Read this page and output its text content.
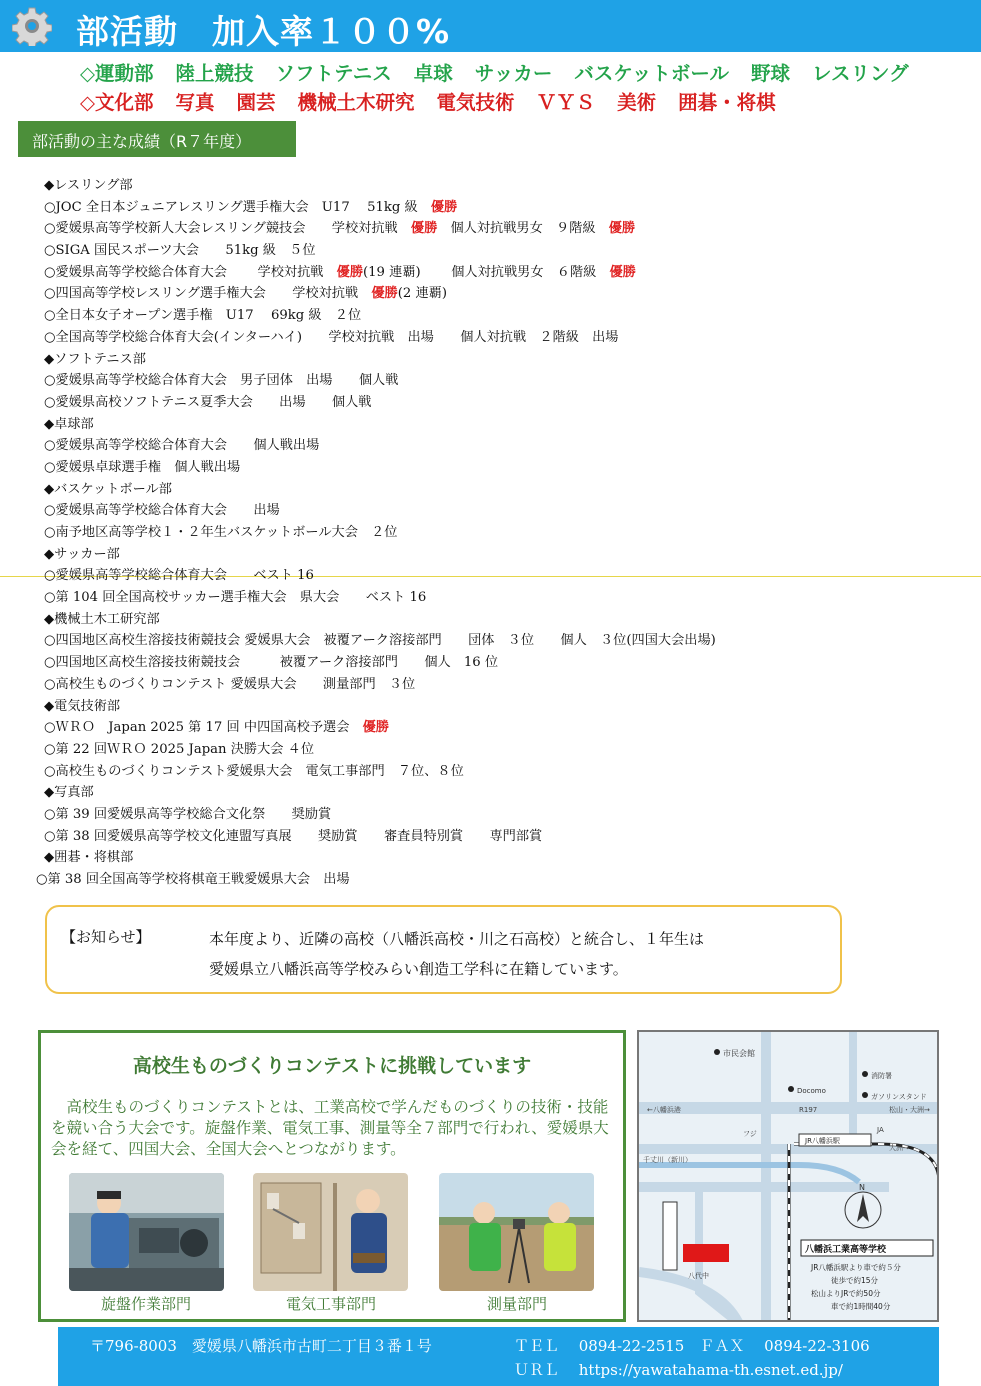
部活動　加入率１００%
◇運動部 陸上競技 ソフトテニス 卓球 サッカー バスケットボール 野球 レスリング
◇文化部 写真 園芸 機械土木研究 電気技術 ＶＹＳ 美術 囲碁・将棋
部活動の主な成績（R７年度）
◆レスリング部
○JOC 全日本ジュニアレスリング選手権大会　U17　 51kg 級　優勝
○愛媛県高等学校新人大会レスリング競技会　　学校対抗戦　優勝　個人対抗戦男女　９階級　優勝
○SIGA 国民スポーツ大会　　51kg 級　５位
○愛媛県高等学校総合体育大会　　 学校対抗戦　優勝(19 連覇)　　 個人対抗戦男女　６階級　優勝
○四国高等学校レスリング選手権大会　　学校対抗戦　優勝(2 連覇)
○全日本女子オープン選手権　U17　 69kg 級　２位
○全国高等学校総合体育大会(インターハイ)　　学校対抗戦　出場　　個人対抗戦　２階級　出場
◆ソフトテニス部
○愛媛県高等学校総合体育大会　男子団体　出場　　個人戦
○愛媛県高校ソフトテニス夏季大会　　出場　　個人戦
◆卓球部
○愛媛県高等学校総合体育大会　　個人戦出場
○愛媛県卓球選手権　個人戦出場
◆バスケットボール部
○愛媛県高等学校総合体育大会　　出場
○南予地区高等学校１・２年生バスケットボール大会　２位
◆サッカー部
○愛媛県高等学校総合体育大会　　ベスト 16
○第 104 回全国高校サッカー選手権大会　県大会　　ベスト 16
◆機械土木工研究部
○四国地区高校生溶接技術競技会 愛媛県大会　被覆アーク溶接部門　　団体　３位　　個人　３位(四国大会出場)
○四国地区高校生溶接技術競技会　　　被覆アーク溶接部門　　個人　16 位
○高校生ものづくりコンテスト 愛媛県大会　　測量部門　３位
◆電気技術部
○ＷＲＯ　Japan 2025 第 17 回 中四国高校予選会　優勝
○第 22 回ＷＲＯ 2025 Japan 決勝大会 ４位
○高校生ものづくりコンテスト愛媛県大会　電気工事部門　７位、８位
◆写真部
○第 39 回愛媛県高等学校総合文化祭　　奨励賞
○第 38 回愛媛県高等学校文化連盟写真展　　奨励賞　　審査員特別賞　　専門部賞
◆囲碁・将棋部
○第 38 回全国高等学校将棋竜王戦愛媛県大会　出場
【お知らせ】	本年度より、近隣の高校（八幡浜高校・川之石高校）と統合し、１年生は
愛媛県立八幡浜高等学校みらい創造工学科に在籍しています。
高校生ものづくりコンテストに挑戦しています
高校生ものづくりコンテストとは、工業高校で学んだものづくりの技術・技能を競い合う大会です。旋盤作業、電気工事、測量等全７部門で行われ、愛媛県大会を経て、四国大会、全国大会へとつながります。
旋盤作業部門	電気工事部門	測量部門
市民会館
消防署
Docomo
ガソリンスタンド
←八幡浜港	松山・大洲→
R197
大洲→
フジ
JR八幡浜駅
JA
千丈川（新川）
八代中
八幡浜工業高等学校
JR八幡浜駅より車で約５分
徒歩で約15分
松山よりJRで約50分
車で約1時間40分
N
〒796-8003　愛媛県八幡浜市古町二丁目３番１号	ＴＥＬ　 0894-22-2515　ＦＡＸ　 0894-22-3106
ＵＲＬ　 https://yawatahama-th.esnet.ed.jp/
